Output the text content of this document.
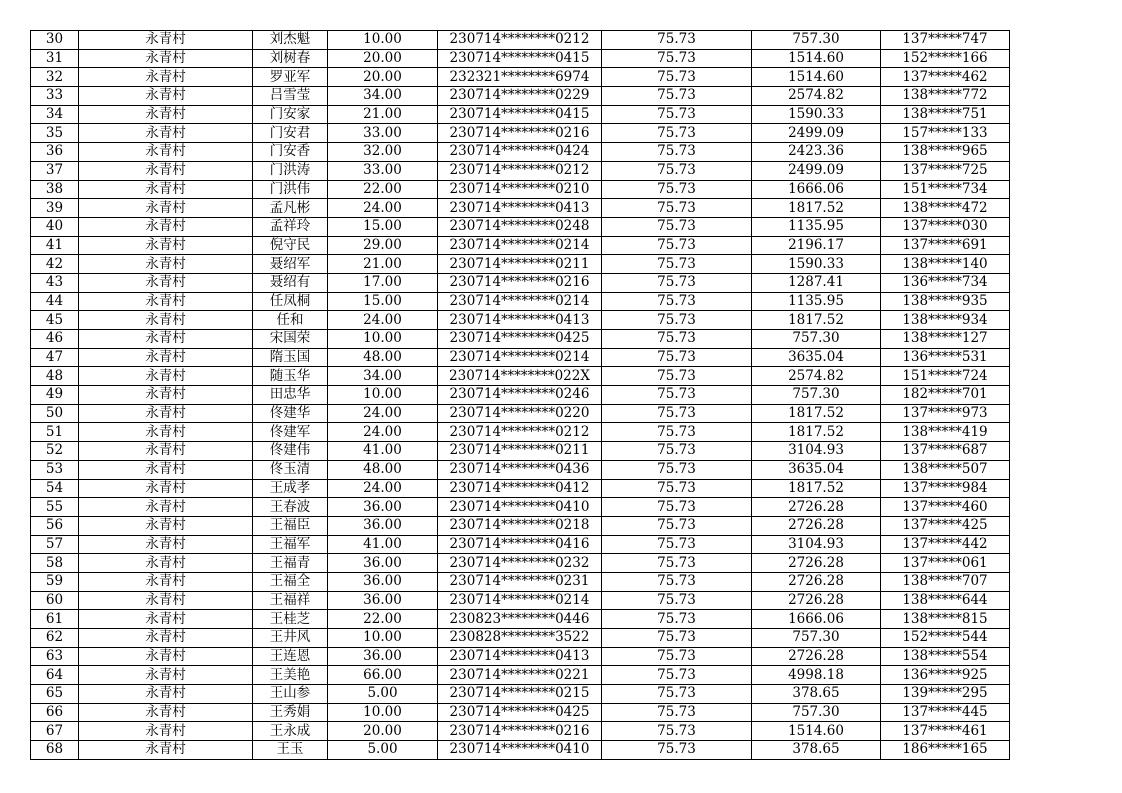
30	永青村	刘杰魁	10.00	230714********0212	75.73	757.30	137*****747
31	永青村	刘树春	20.00	230714********0415	75.73	1514.60	152*****166
32	永青村	罗亚军	20.00	232321********6974	75.73	1514.60	137*****462
33	永青村	吕雪莹	34.00	230714********0229	75.73	2574.82	138*****772
34	永青村	门安家	21.00	230714********0415	75.73	1590.33	138*****751
35	永青村	门安君	33.00	230714********0216	75.73	2499.09	157*****133
36	永青村	门安香	32.00	230714********0424	75.73	2423.36	138*****965
37	永青村	门洪涛	33.00	230714********0212	75.73	2499.09	137*****725
38	永青村	门洪伟	22.00	230714********0210	75.73	1666.06	151*****734
39	永青村	孟凡彬	24.00	230714********0413	75.73	1817.52	138*****472
40	永青村	孟祥玲	15.00	230714********0248	75.73	1135.95	137*****030
41	永青村	倪守民	29.00	230714********0214	75.73	2196.17	137*****691
42	永青村	聂绍军	21.00	230714********0211	75.73	1590.33	138*****140
43	永青村	聂绍有	17.00	230714********0216	75.73	1287.41	136*****734
44	永青村	任凤桐	15.00	230714********0214	75.73	1135.95	138*****935
45	永青村	任和	24.00	230714********0413	75.73	1817.52	138*****934
46	永青村	宋国荣	10.00	230714********0425	75.73	757.30	138*****127
47	永青村	隋玉国	48.00	230714********0214	75.73	3635.04	136*****531
48	永青村	随玉华	34.00	230714********022X	75.73	2574.82	151*****724
49	永青村	田忠华	10.00	230714********0246	75.73	757.30	182*****701
50	永青村	佟建华	24.00	230714********0220	75.73	1817.52	137*****973
51	永青村	佟建军	24.00	230714********0212	75.73	1817.52	138*****419
52	永青村	佟建伟	41.00	230714********0211	75.73	3104.93	137*****687
53	永青村	佟玉清	48.00	230714********0436	75.73	3635.04	138*****507
54	永青村	王成孝	24.00	230714********0412	75.73	1817.52	137*****984
55	永青村	王春波	36.00	230714********0410	75.73	2726.28	137*****460
56	永青村	王福臣	36.00	230714********0218	75.73	2726.28	137*****425
57	永青村	王福军	41.00	230714********0416	75.73	3104.93	137*****442
58	永青村	王福青	36.00	230714********0232	75.73	2726.28	137*****061
59	永青村	王福全	36.00	230714********0231	75.73	2726.28	138*****707
60	永青村	王福祥	36.00	230714********0214	75.73	2726.28	138*****644
61	永青村	王桂芝	22.00	230823********0446	75.73	1666.06	138*****815
62	永青村	王井风	10.00	230828********3522	75.73	757.30	152*****544
63	永青村	王连恩	36.00	230714********0413	75.73	2726.28	138*****554
64	永青村	王美艳	66.00	230714********0221	75.73	4998.18	136*****925
65	永青村	王山参	5.00	230714********0215	75.73	378.65	139*****295
66	永青村	王秀娟	10.00	230714********0425	75.73	757.30	137*****445
67	永青村	王永成	20.00	230714********0216	75.73	1514.60	137*****461
68	永青村	王玉	5.00	230714********0410	75.73	378.65	186*****165
